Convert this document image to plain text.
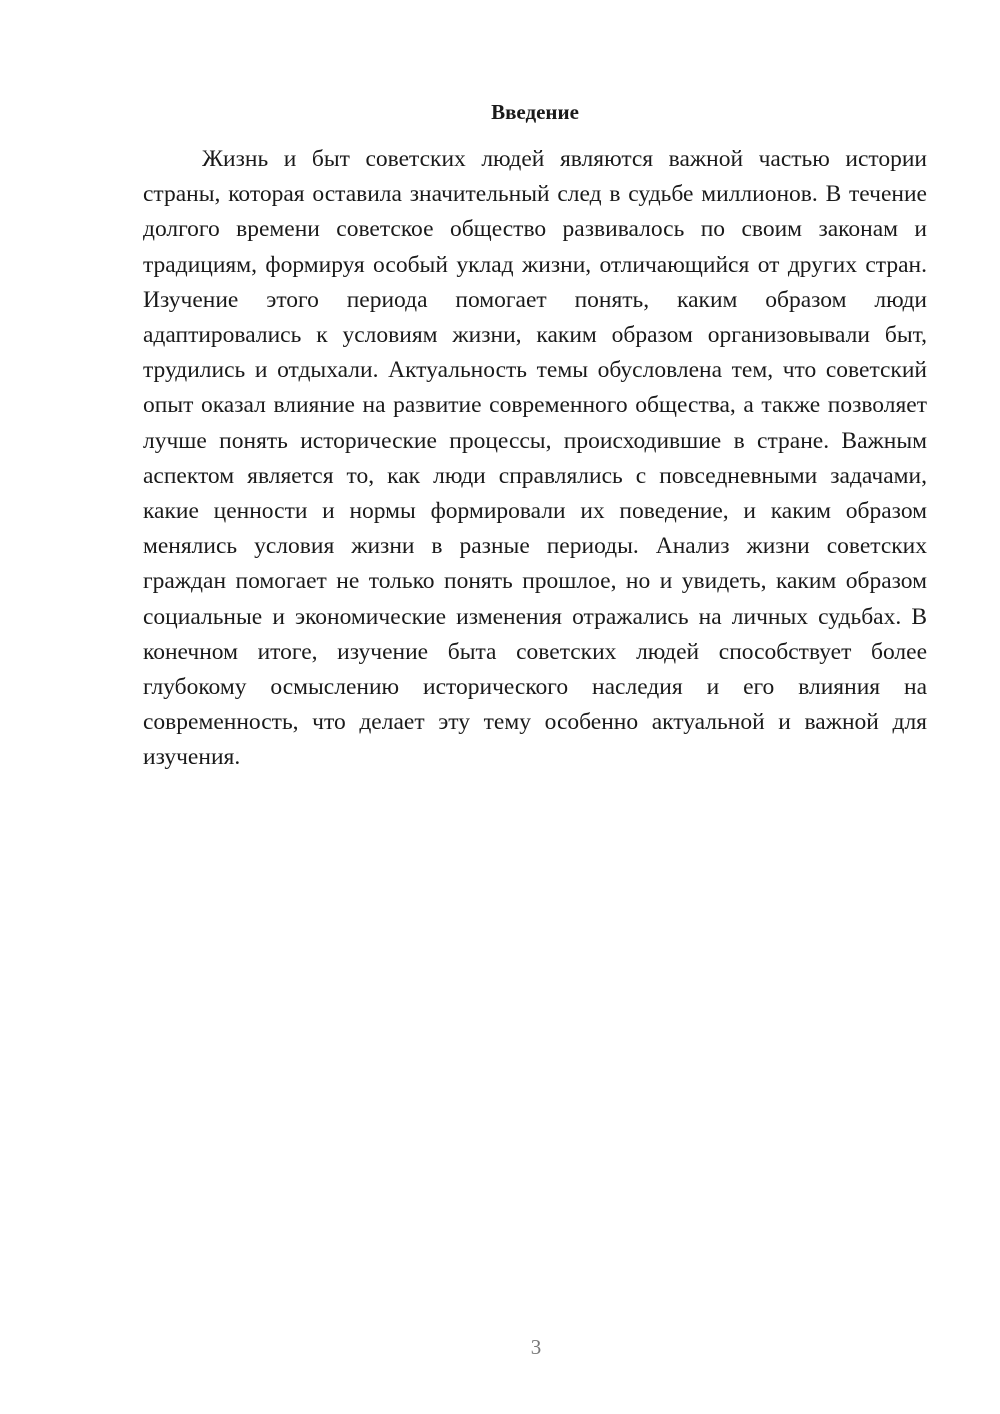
Введение

Жизнь и быт советских людей являются важной частью истории страны, которая оставила значительный след в судьбе миллионов. В течение долгого времени советское общество развивалось по своим законам и традициям, формируя особый уклад жизни, отличающийся от других стран. Изучение этого периода помогает понять, каким образом люди адаптировались к условиям жизни, каким образом организовывали быт, трудились и отдыхали. Актуальность темы обусловлена тем, что советский опыт оказал влияние на развитие современного общества, а также позволяет лучше понять исторические процессы, происходившие в стране. Важным аспектом является то, как люди справлялись с повседневными задачами, какие ценности и нормы формировали их поведение, и каким образом менялись условия жизни в разные периоды. Анализ жизни советских граждан помогает не только понять прошлое, но и увидеть, каким образом социальные и экономические изменения отражались на личных судьбах. В конечном итоге, изучение быта советских людей способствует более глубокому осмыслению исторического наследия и его влияния на современность, что делает эту тему особенно актуальной и важной для изучения.

3
